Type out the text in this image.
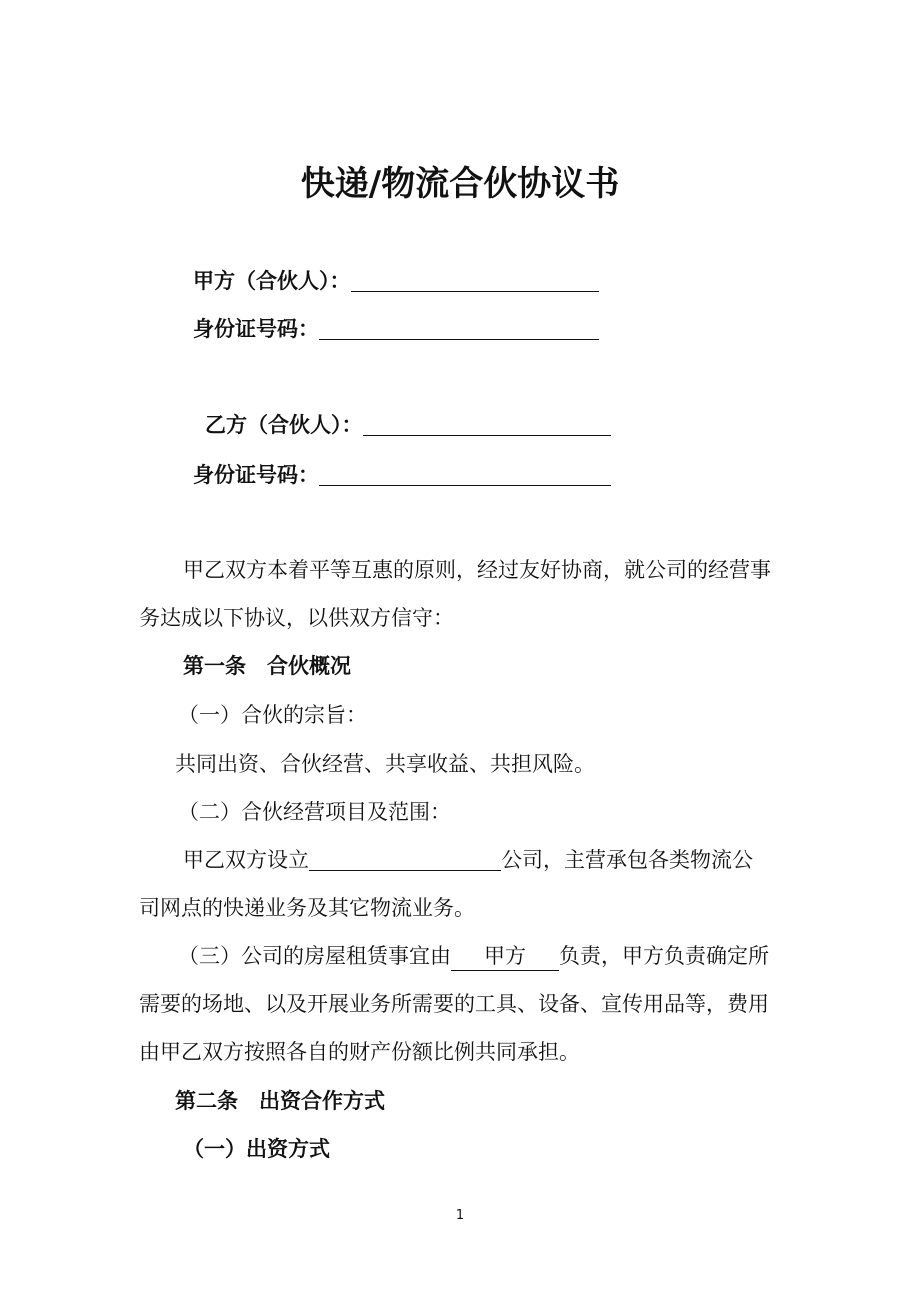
快递/物流合伙协议书
甲方（合伙人）：
身份证号码：
乙方（合伙人）：
身份证号码：
甲乙双方本着平等互惠的原则，经过友好协商，就公司的经营事
务达成以下协议，以供双方信守：
第一条　合伙概况
（一）合伙的宗旨：
共同出资、合伙经营、共享收益、共担风险。
（二）合伙经营项目及范围：
甲乙双方设立	公司，主营承包各类物流公
司网点的快递业务及其它物流业务。
（三）公司的房屋租赁事宜由 甲方 负责，甲方负责确定所
需要的场地、以及开展业务所需要的工具、设备、宣传用品等，费用
由甲乙双方按照各自的财产份额比例共同承担。
第二条　出资合作方式
（一）出资方式
1
